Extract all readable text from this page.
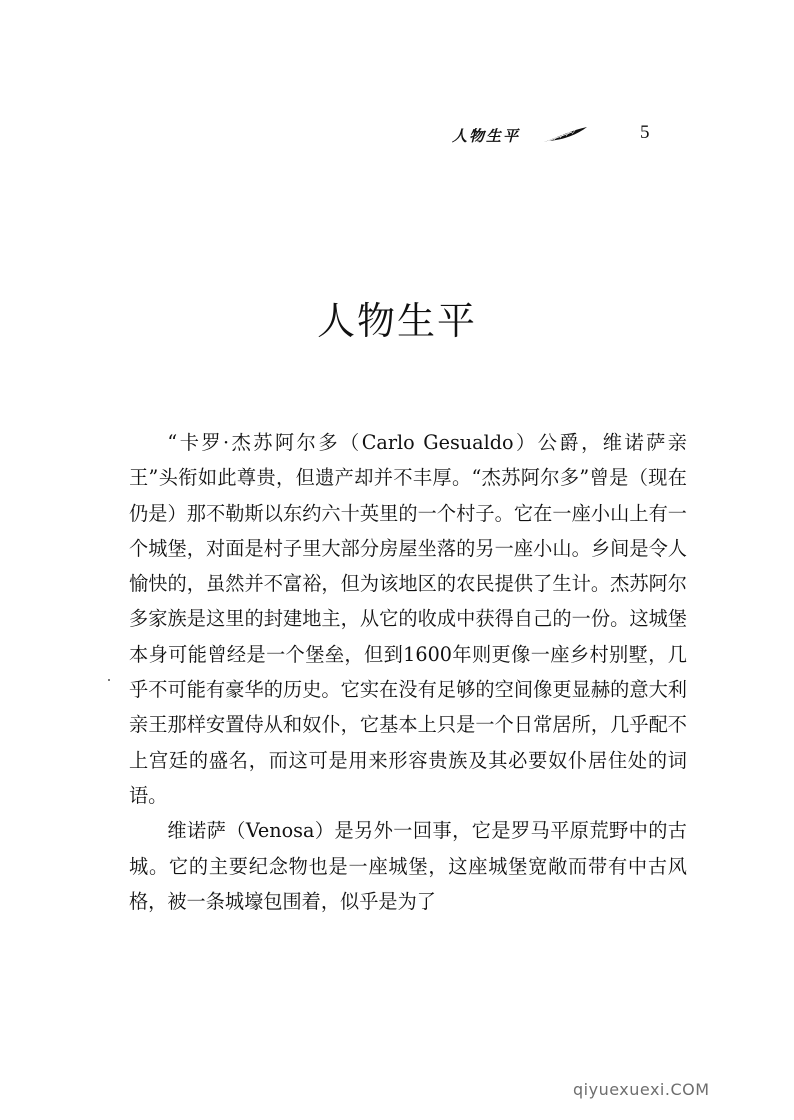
人物生平	5
人物生平

“卡罗·杰苏阿尔多（Carlo Gesualdo）公爵，维诺萨亲王”头衔如此尊贵，但遗产却并不丰厚。“杰苏阿尔多”曾是（现在仍是）那不勒斯以东约六十英里的一个村子。它在一座小山上有一个城堡，对面是村子里大部分房屋坐落的另一座小山。乡间是令人愉快的，虽然并不富裕，但为该地区的农民提供了生计。杰苏阿尔多家族是这里的封建地主，从它的收成中获得自己的一份。这城堡本身可能曾经是一个堡垒，但到1600年则更像一座乡村别墅，几乎不可能有豪华的历史。它实在没有足够的空间像更显赫的意大利亲王那样安置侍从和奴仆，它基本上只是一个日常居所，几乎配不上宫廷的盛名，而这可是用来形容贵族及其必要奴仆居住处的词语。

维诺萨（Venosa）是另外一回事，它是罗马平原荒野中的古城。它的主要纪念物也是一座城堡，这座城堡宽敞而带有中古风格，被一条城壕包围着，似乎是为了

qiyuexuexi.COM
